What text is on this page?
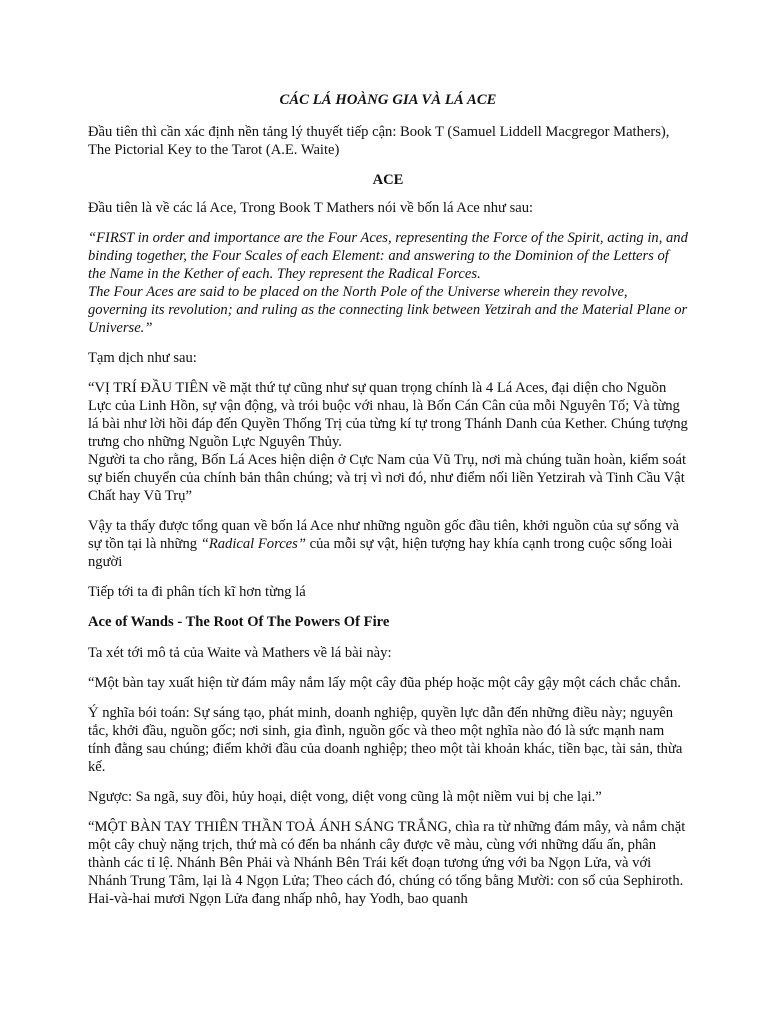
CÁC LÁ HOÀNG GIA VÀ LÁ ACE

Đầu tiên thì cần xác định nền tảng lý thuyết tiếp cận: Book T (Samuel Liddell Macgregor Mathers), The Pictorial Key to the Tarot (A.E. Waite)

ACE

Đầu tiên là về các lá Ace, Trong Book T Mathers nói về bốn lá Ace như sau:

“FIRST in order and importance are the Four Aces, representing the Force of the Spirit, acting in, and binding together, the Four Scales of each Element: and answering to the Dominion of the Letters of the Name in the Kether of each. They represent the Radical Forces.

The Four Aces are said to be placed on the North Pole of the Universe wherein they revolve, governing its revolution; and ruling as the connecting link between Yetzirah and the Material Plane or Universe.”

Tạm dịch như sau:

“VỊ TRÍ ĐẦU TIÊN về mặt thứ tự cũng như sự quan trọng chính là 4 Lá Aces, đại diện cho Nguồn Lực của Linh Hồn, sự vận động, và trói buộc với nhau, là Bốn Cán Cân của mỗi Nguyên Tố; Và từng lá bài như lời hồi đáp đến Quyền Thống Trị của từng kí tự trong Thánh Danh của Kether. Chúng tượng trưng cho những Nguồn Lực Nguyên Thủy.

Người ta cho rằng, Bốn Lá Aces hiện diện ở Cực Nam của Vũ Trụ, nơi mà chúng tuần hoàn, kiểm soát sự biến chuyển của chính bản thân chúng; và trị vì nơi đó, như điểm nối liền Yetzirah và Tinh Cầu Vật Chất hay Vũ Trụ”

Vậy ta thấy được tổng quan về bốn lá Ace như những nguồn gốc đầu tiên, khởi nguồn của sự sống và sự tồn tại là những “Radical Forces” của mỗi sự vật, hiện tượng hay khía cạnh trong cuộc sống loài người

Tiếp tới ta đi phân tích kĩ hơn từng lá

Ace of Wands - The Root Of The Powers Of Fire

Ta xét tới mô tả của Waite và Mathers về lá bài này:

“Một bàn tay xuất hiện từ đám mây nắm lấy một cây đũa phép hoặc một cây gậy một cách chắc chắn.

Ý nghĩa bói toán: Sự sáng tạo, phát minh, doanh nghiệp, quyền lực dẫn đến những điều này; nguyên tắc, khởi đầu, nguồn gốc; nơi sinh, gia đình, nguồn gốc và theo một nghĩa nào đó là sức mạnh nam tính đằng sau chúng; điểm khởi đầu của doanh nghiệp; theo một tài khoản khác, tiền bạc, tài sản, thừa kế.

Ngược: Sa ngã, suy đồi, hủy hoại, diệt vong, diệt vong cũng là một niềm vui bị che lại.”

“MỘT BÀN TAY THIÊN THẦN TOẢ ÁNH SÁNG TRẮNG, chìa ra từ những đám mây, và nắm chặt một cây chuỳ nặng trịch, thứ mà có đến ba nhánh cây được vẽ màu, cùng với những dấu ấn, phân thành các tỉ lệ. Nhánh Bên Phải và Nhánh Bên Trái kết đoạn tương ứng với ba Ngọn Lửa, và với Nhánh Trung Tâm, lại là 4 Ngọn Lửa; Theo cách đó, chúng có tổng bằng Mười: con số của Sephiroth. Hai-và-hai mươi Ngọn Lửa đang nhấp nhô, hay Yodh, bao quanh
